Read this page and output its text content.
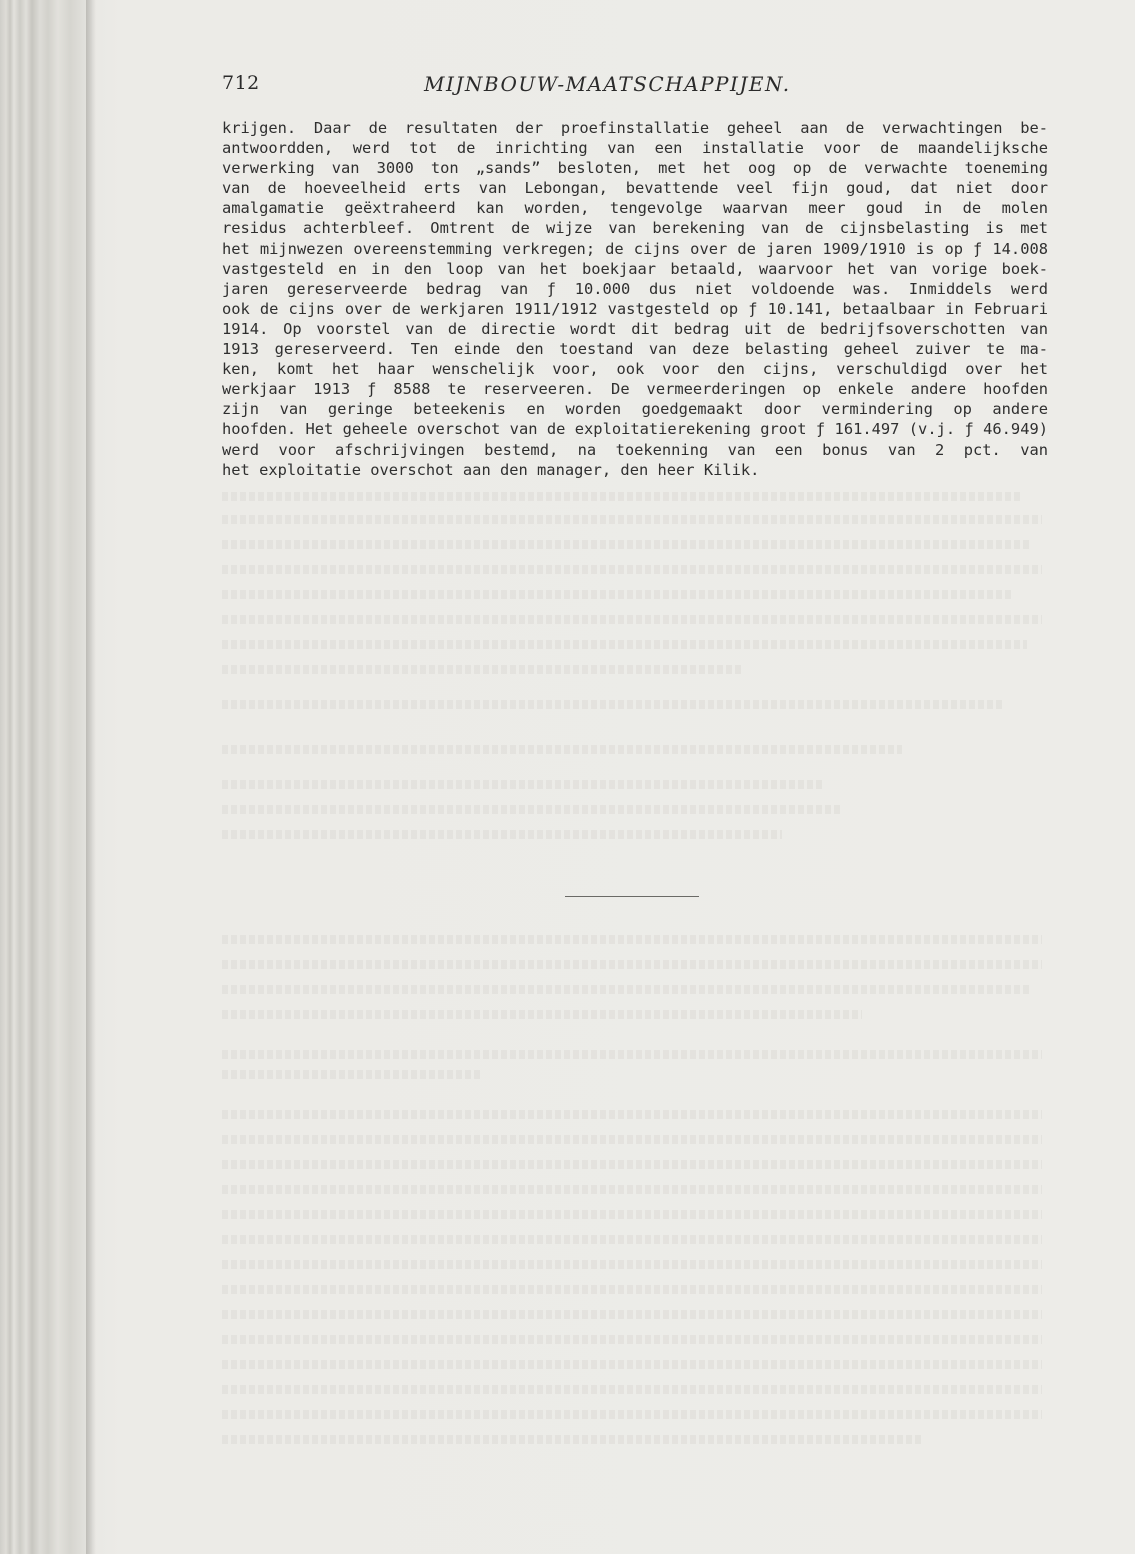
712	MIJNBOUW-MAATSCHAPPIJEN.
krijgen. Daar de resultaten der proefinstallatie geheel aan de verwachtingen be-
antwoordden, werd tot de inrichting van een installatie voor de maandelijksche
verwerking van 3000 ton „sands” besloten, met het oog op de verwachte toeneming
van de hoeveelheid erts van Lebongan, bevattende veel fijn goud, dat niet door
amalgamatie geëxtraheerd kan worden, tengevolge waarvan meer goud in de molen
residus achterbleef. Omtrent de wijze van berekening van de cijnsbelasting is met
het mijnwezen overeenstemming verkregen; de cijns over de jaren 1909/1910 is op ƒ 14.008
vastgesteld en in den loop van het boekjaar betaald, waarvoor het van vorige boek-
jaren gereserveerde bedrag van ƒ 10.000 dus niet voldoende was. Inmiddels werd
ook de cijns over de werkjaren 1911/1912 vastgesteld op ƒ 10.141, betaalbaar in Februari
1914. Op voorstel van de directie wordt dit bedrag uit de bedrijfsoverschotten van
1913 gereserveerd. Ten einde den toestand van deze belasting geheel zuiver te ma-
ken, komt het haar wenschelijk voor, ook voor den cijns, verschuldigd over het
werkjaar 1913 ƒ 8588 te reserveeren. De vermeerderingen op enkele andere hoofden
zijn van geringe beteekenis en worden goedgemaakt door vermindering op andere
hoofden. Het geheele overschot van de exploitatierekening groot ƒ 161.497 (v.j. ƒ 46.949)
werd voor afschrijvingen bestemd, na toekenning van een bonus van 2 pct. van
het exploitatie overschot aan den manager, den heer Kilik.
